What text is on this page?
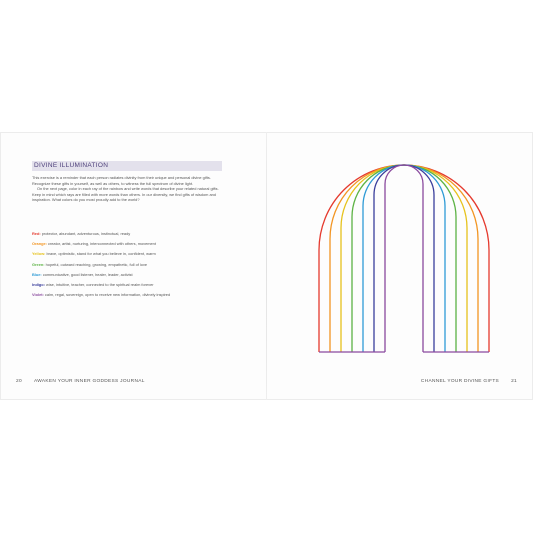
DIVINE ILLUMINATION

This exercise is a reminder that each person radiates divinity from their unique and personal divine gifts. Recognize these gifts in yourself, as well as others, to witness the full spectrum of divine light.

On the next page, color in each ray of the rainbow and write words that describe your related natural gifts. Keep in mind which rays are filled with more words than others. In our diversity, we find gifts of wisdom and inspiration. What colors do you most proudly add to the world?

Red: protector, abundant, adventurous, instinctual, ready
Orange: creator, artist, nurturing, interconnected with others, movement
Yellow: brave, optimistic, stand for what you believe in, confident, warm
Green: hopeful, outward reaching, growing, empathetic, full of love
Blue: communicative, good listener, healer, leader, activist
Indigo: wise, intuitive, teacher, connected to the spiritual realm forever
Violet: calm, regal, sovereign, open to receive new information, divinely inspired
20	AWAKEN YOUR INNER GODDESS JOURNAL	CHANNEL YOUR DIVINE GIFTS	21
